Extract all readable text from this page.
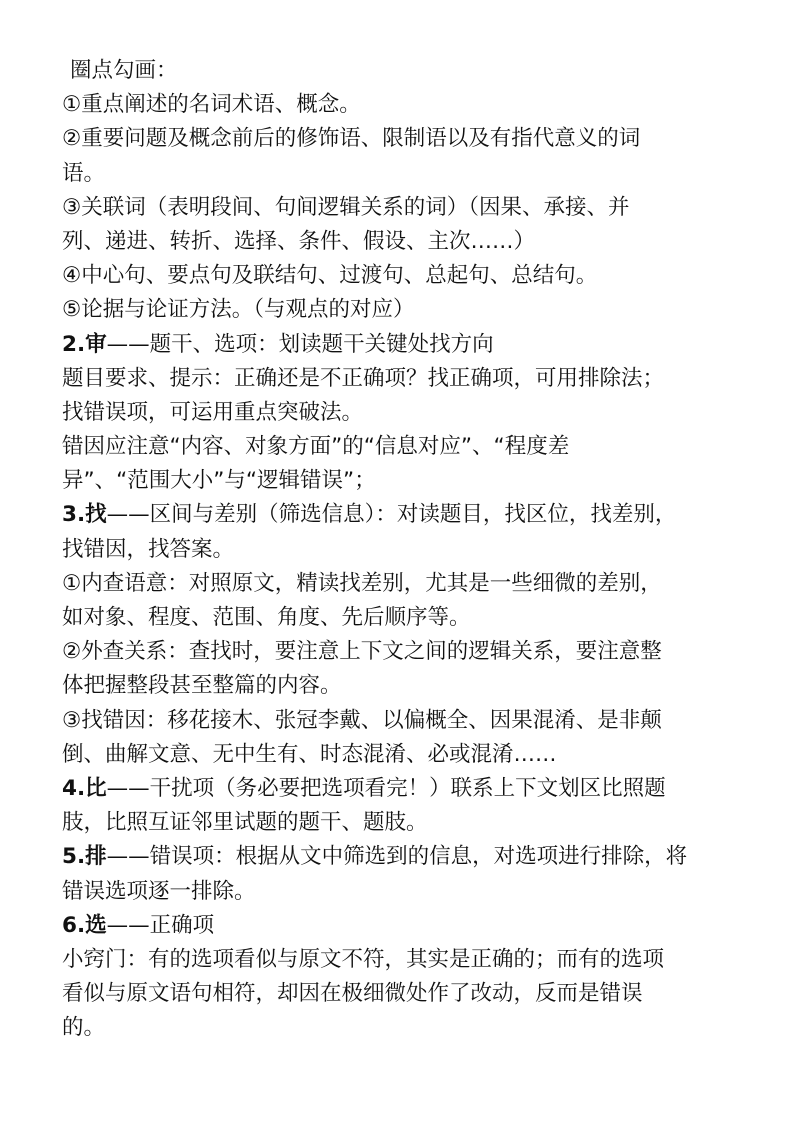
圈点勾画：
①重点阐述的名词术语、概念。
②重要问题及概念前后的修饰语、限制语以及有指代意义的词
语。
③关联词（表明段间、句间逻辑关系的词）（因果、承接、并
列、递进、转折、选择、条件、假设、主次……）
④中心句、要点句及联结句、过渡句、总起句、总结句。
⑤论据与论证方法。（与观点的对应）
2.审——题干、选项：划读题干关键处找方向
题目要求、提示：正确还是不正确项？找正确项，可用排除法；
找错误项，可运用重点突破法。
错因应注意“内容、对象方面”的“信息对应”、“程度差
异”、“范围大小”与“逻辑错误”；
3.找——区间与差别（筛选信息）：对读题目，找区位，找差别，
找错因，找答案。
①内查语意：对照原文，精读找差别，尤其是一些细微的差别，
如对象、程度、范围、角度、先后顺序等。
②外查关系：查找时，要注意上下文之间的逻辑关系，要注意整
体把握整段甚至整篇的内容。
③找错因：移花接木、张冠李戴、以偏概全、因果混淆、是非颠
倒、曲解文意、无中生有、时态混淆、必或混淆……
4.比——干扰项（务必要把选项看完！）联系上下文划区比照题
肢，比照互证邻里试题的题干、题肢。
5.排——错误项：根据从文中筛选到的信息，对选项进行排除，将
错误选项逐一排除。
6.选——正确项
小窍门：有的选项看似与原文不符，其实是正确的；而有的选项
看似与原文语句相符，却因在极细微处作了改动，反而是错误
的。
